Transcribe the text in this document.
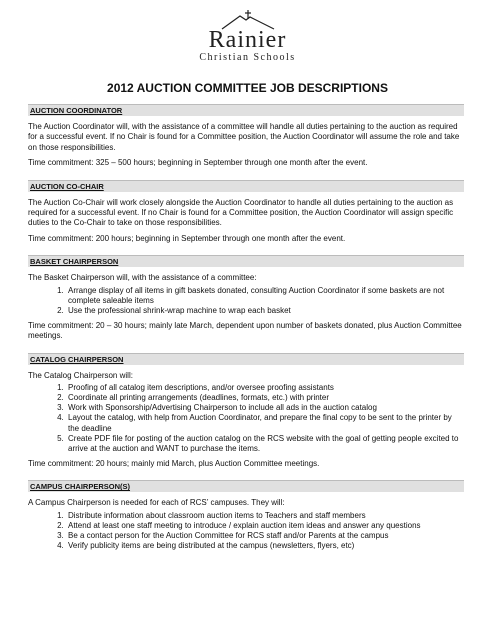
Rainier
Christian Schools
2012 AUCTION COMMITTEE JOB DESCRIPTIONS
AUCTION COORDINATOR

The Auction Coordinator will, with the assistance of a committee will handle all duties pertaining to the auction as required for a successful event. If no Chair is found for a Committee position, the Auction Coordinator will assume the role and take on those responsibilities.

Time commitment: 325 – 500 hours; beginning in September through one month after the event.

AUCTION CO-CHAIR

The Auction Co-Chair will work closely alongside the Auction Coordinator to handle all duties pertaining to the auction as required for a successful event. If no Chair is found for a Committee position, the Auction Coordinator will assign specific duties to the Co-Chair to take on those responsibilities.

Time commitment: 200 hours; beginning in September through one month after the event.

BASKET CHAIRPERSON

The Basket Chairperson will, with the assistance of a committee:

1. Arrange display of all items in gift baskets donated, consulting Auction Coordinator if some baskets are not complete saleable items
2. Use the professional shrink-wrap machine to wrap each basket

Time commitment: 20 – 30 hours; mainly late March, dependent upon number of baskets donated, plus Auction Committee meetings.

CATALOG CHAIRPERSON

The Catalog Chairperson will:

1. Proofing of all catalog item descriptions, and/or oversee proofing assistants
2. Coordinate all printing arrangements (deadlines, formats, etc.) with printer
3. Work with Sponsorship/Advertising Chairperson to include all ads in the auction catalog
4. Layout the catalog, with help from Auction Coordinator, and prepare the final copy to be sent to the printer by the deadline
5. Create PDF file for posting of the auction catalog on the RCS website with the goal of getting people excited to arrive at the auction and WANT to purchase the items.

Time commitment: 20 hours; mainly mid March, plus Auction Committee meetings.

CAMPUS CHAIRPERSON(S)

A Campus Chairperson is needed for each of RCS’ campuses. They will:

1. Distribute information about classroom auction items to Teachers and staff members
2. Attend at least one staff meeting to introduce / explain auction item ideas and answer any questions
3. Be a contact person for the Auction Committee for RCS staff and/or Parents at the campus
4. Verify publicity items are being distributed at the campus (newsletters, flyers, etc)
